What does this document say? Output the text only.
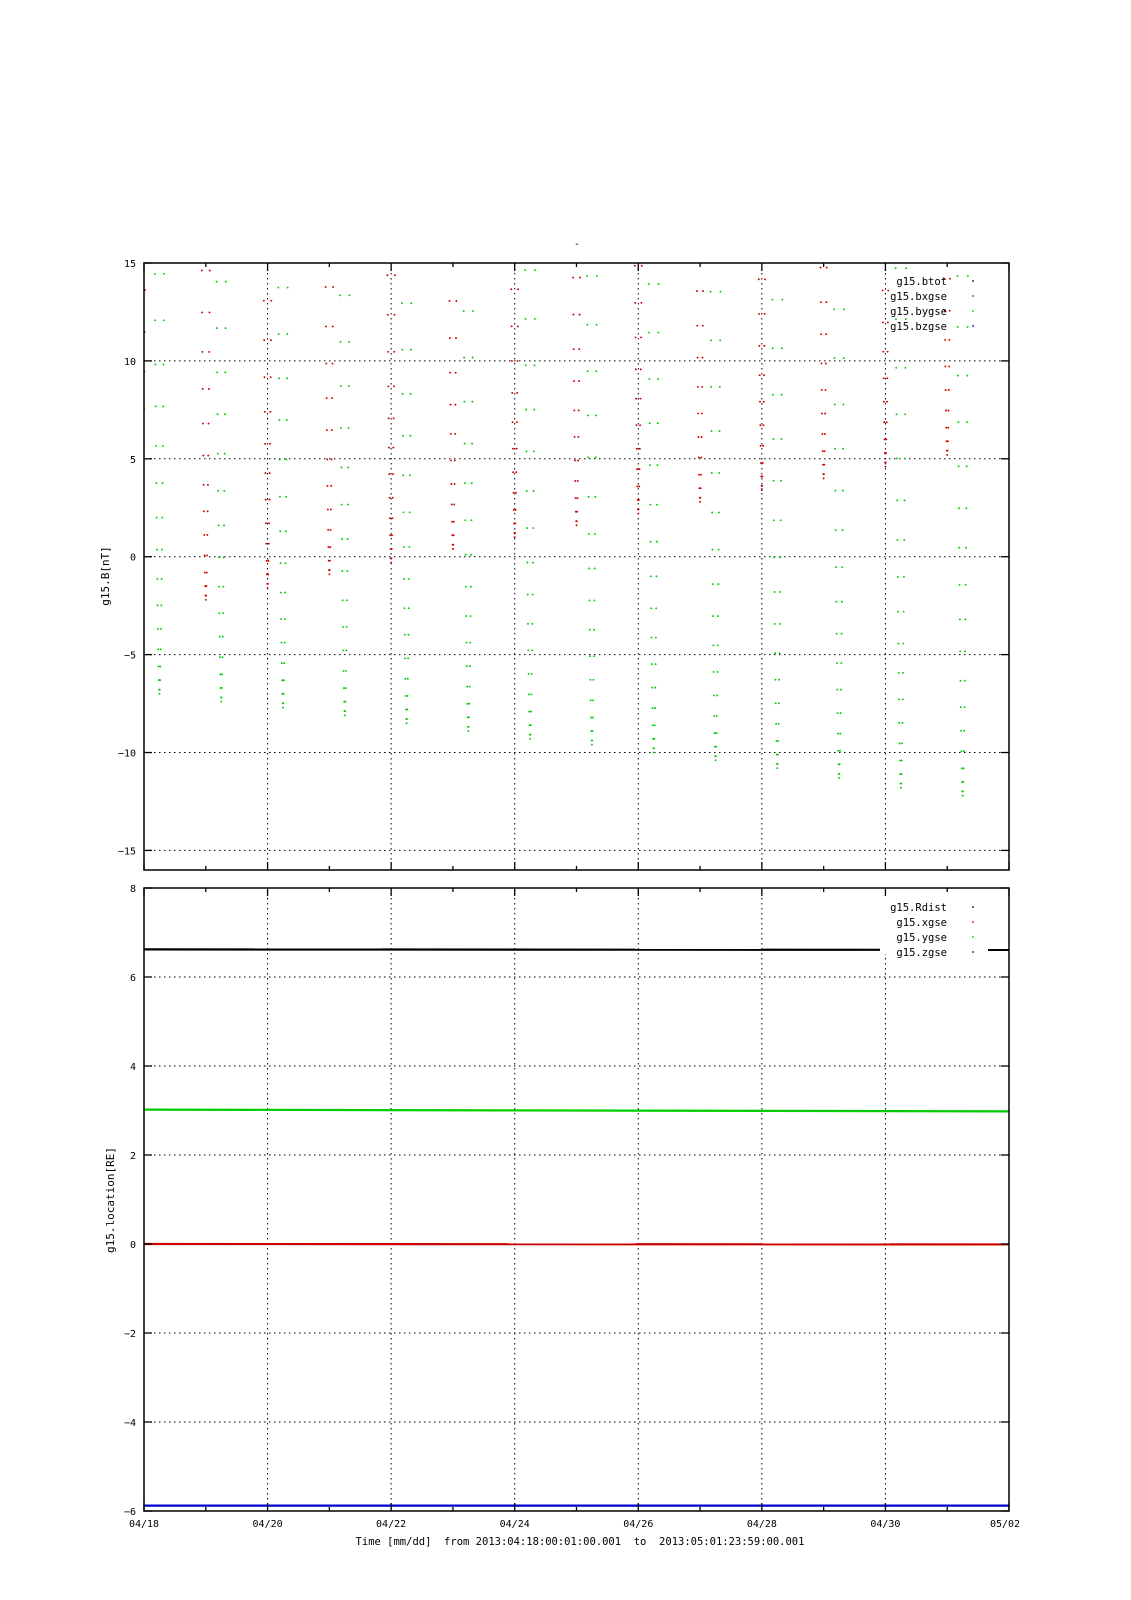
-
−15
−10
−5
0
5
10
15
g15.B[nT]
g15.btot
g15.bxgse
g15.bygse
g15.bzgse
−6
−4
−2
0
2
4
6
8
g15.location[RE]
g15.Rdist
g15.xgse
g15.ygse
g15.zgse
04/18	04/20	04/22	04/24	04/26	04/28	04/30	05/02
Time [mm/dd]  from 2013:04:18:00:01:00.001 to 2013:05:01:23:59:00.001
